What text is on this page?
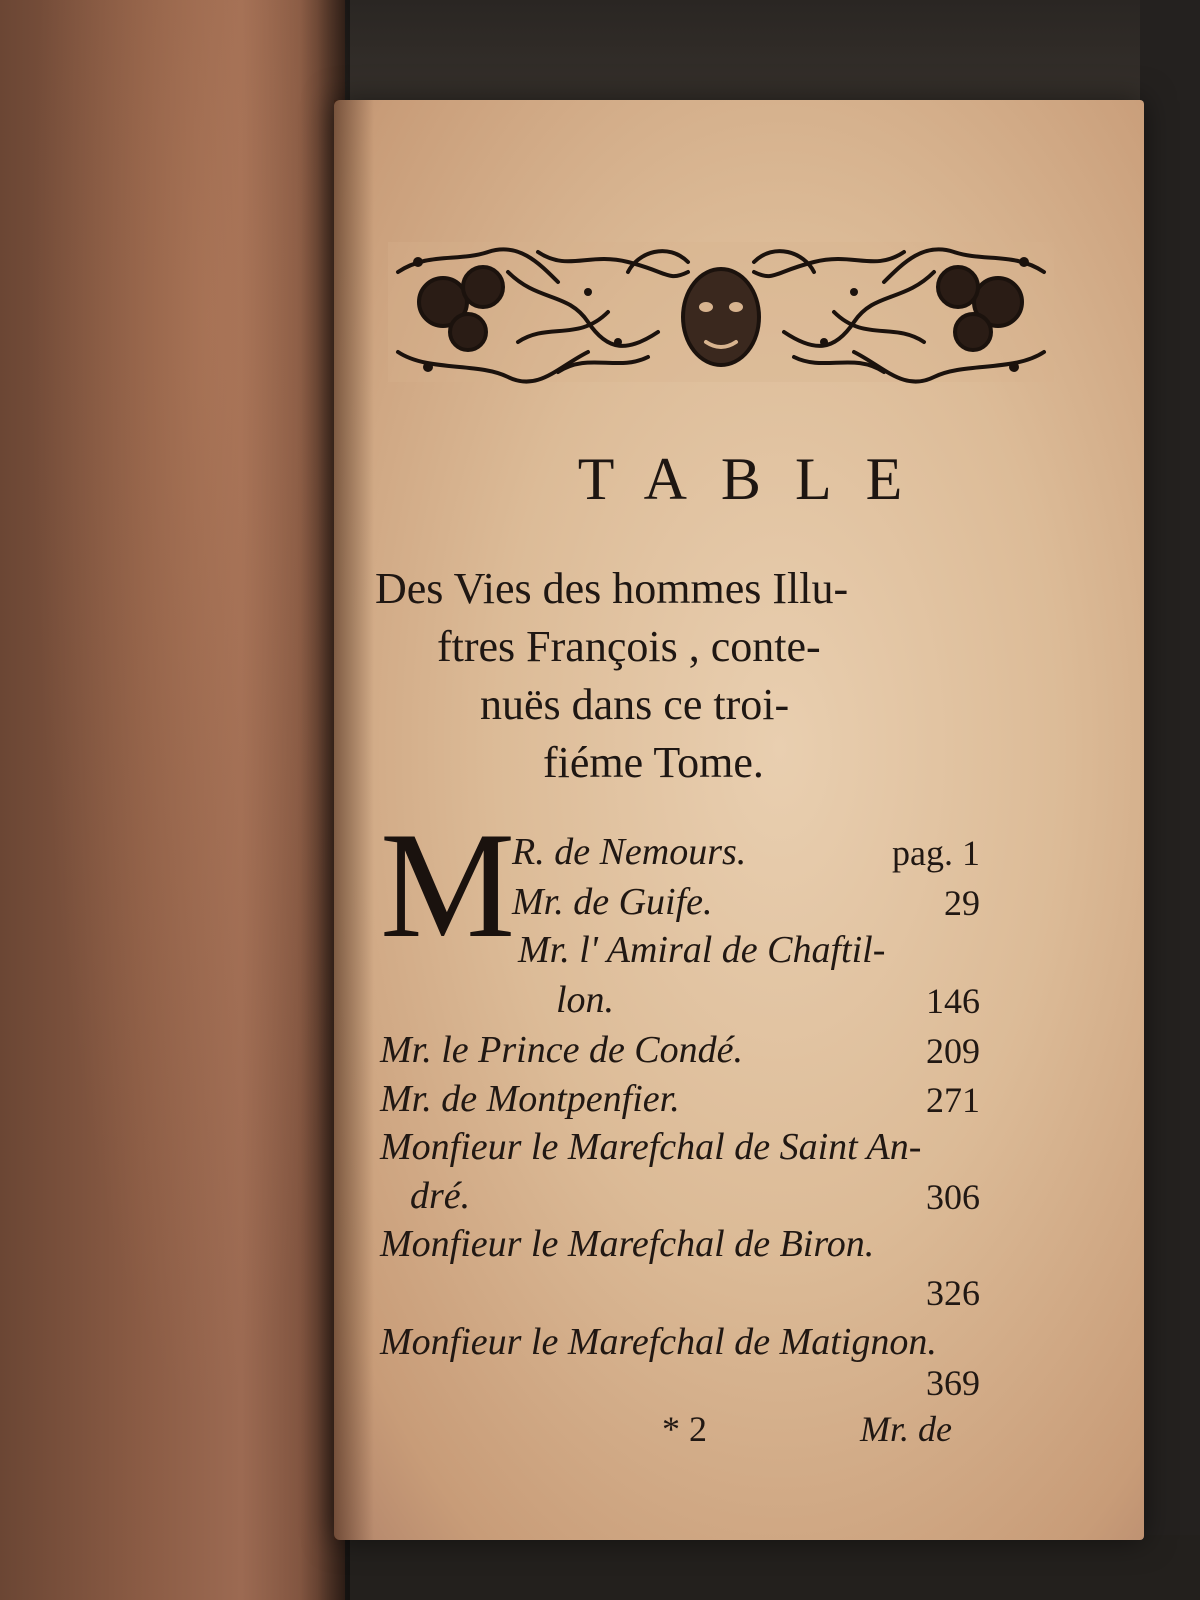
TABLE
Des Vies des hommes Illu-
ftres François , conte-
nuës dans ce troi-
fiéme Tome.
M
R. de Nemours.	pag. 1
Mr. de Guife.	29
Mr. l' Amiral de Chaftil-
lon.	146
Mr. le Prince de Condé.	209
Mr. de Montpenfier.	271
Monfieur le Marefchal de Saint An-
dré.	306
Monfieur le Marefchal de Biron.
326
Monfieur le Marefchal de Matignon.
369
* 2	Mr. de
